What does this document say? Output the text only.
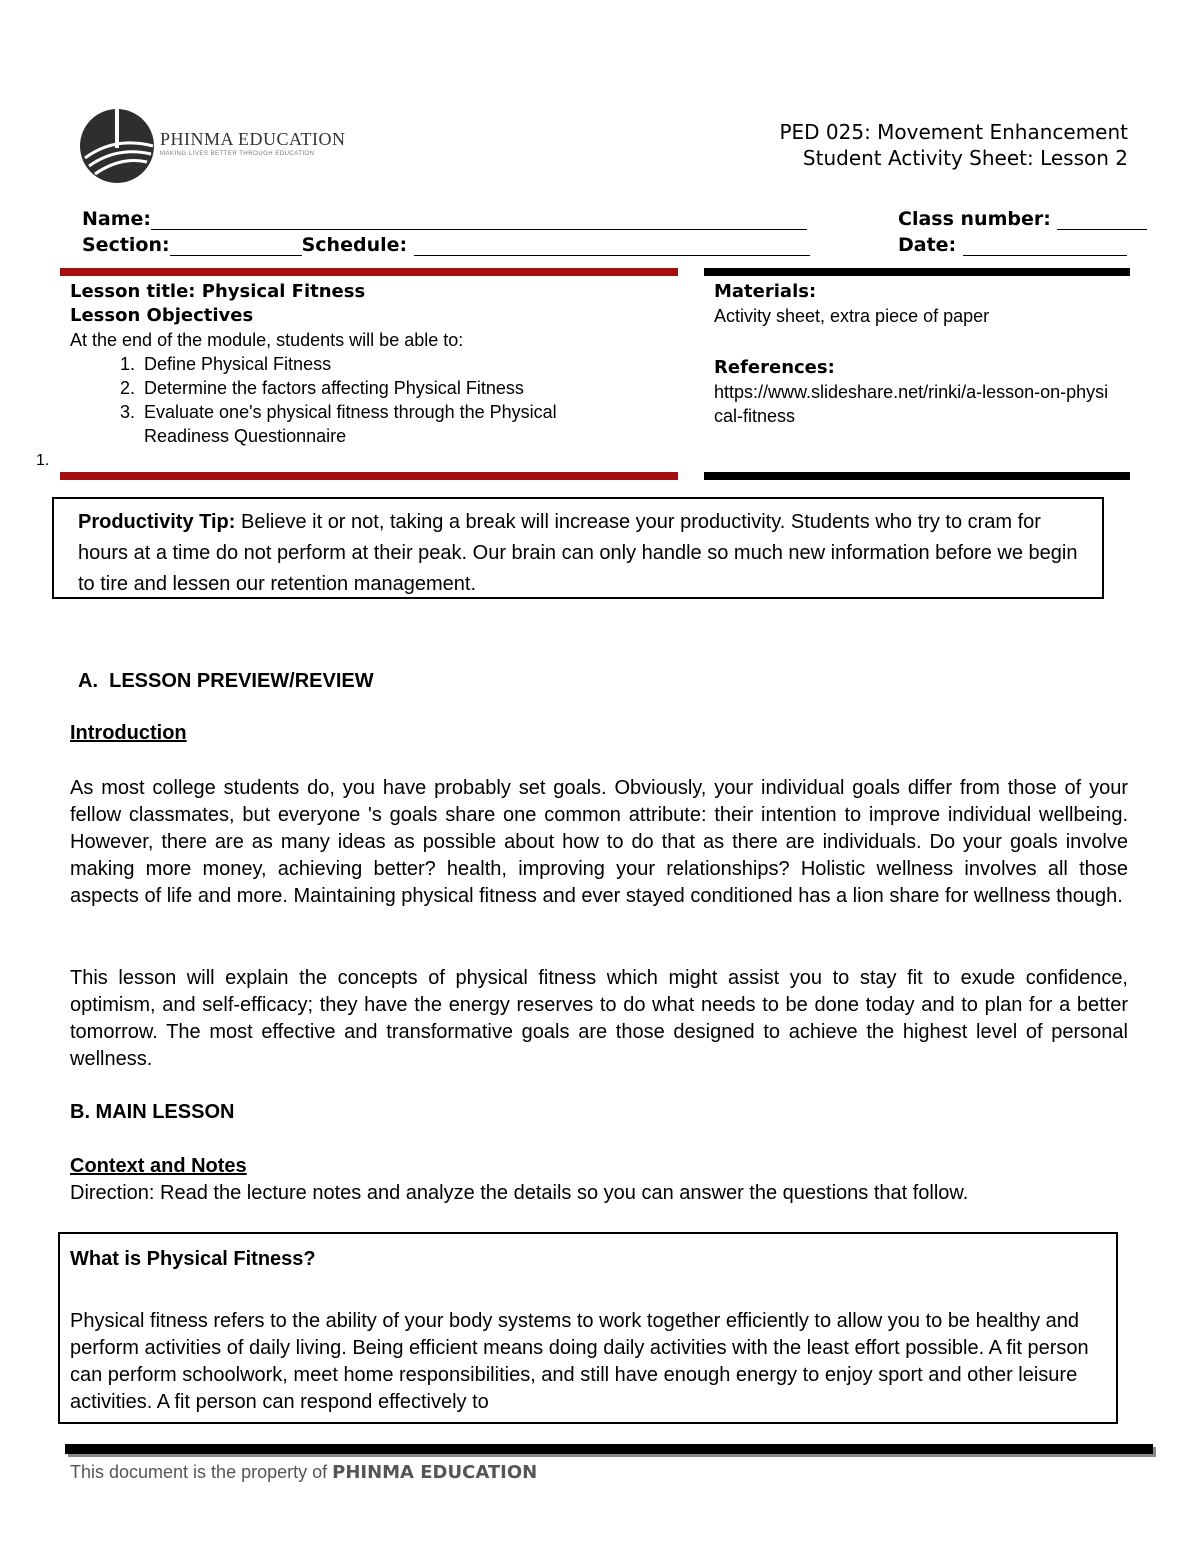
PHINMA EDUCATION
MAKING LIVES BETTER THROUGH EDUCATION
PED 025: Movement Enhancement
Student Activity Sheet: Lesson 2
Name:
Section:	Schedule:
Class number:
Date:
Lesson title: Physical Fitness
Lesson Objectives
At the end of the module, students will be able to:
1. Define Physical Fitness
2. Determine the factors affecting Physical Fitness
3. Evaluate one's physical fitness through the Physical Readiness Questionnaire
1.
Materials:
Activity sheet, extra piece of paper
References:
https://www.slideshare.net/rinki/a-lesson-on-physical-fitness
Productivity Tip: Believe it or not, taking a break will increase your productivity. Students who try to cram for hours at a time do not perform at their peak. Our brain can only handle so much new information before we begin to tire and lessen our retention management.
A. LESSON PREVIEW/REVIEW
Introduction
As most college students do, you have probably set goals. Obviously, your individual goals differ from those of your fellow classmates, but everyone 's goals share one common attribute: their intention to improve individual wellbeing. However, there are as many ideas as possible about how to do that as there are individuals. Do your goals involve making more money, achieving better? health, improving your relationships? Holistic wellness involves all those aspects of life and more. Maintaining physical fitness and ever stayed conditioned has a lion share for wellness though.
This lesson will explain the concepts of physical fitness which might assist you to stay fit to exude confidence, optimism, and self-efficacy; they have the energy reserves to do what needs to be done today and to plan for a better tomorrow. The most effective and transformative goals are those designed to achieve the highest level of personal wellness.
B. MAIN LESSON
Context and Notes
Direction: Read the lecture notes and analyze the details so you can answer the questions that follow.
What is Physical Fitness?
Physical fitness refers to the ability of your body systems to work together efficiently to allow you to be healthy and perform activities of daily living. Being efficient means doing daily activities with the least effort possible. A fit person can perform schoolwork, meet home responsibilities, and still have enough energy to enjoy sport and other leisure activities. A fit person can respond effectively to
This document is the property of PHINMA EDUCATION
